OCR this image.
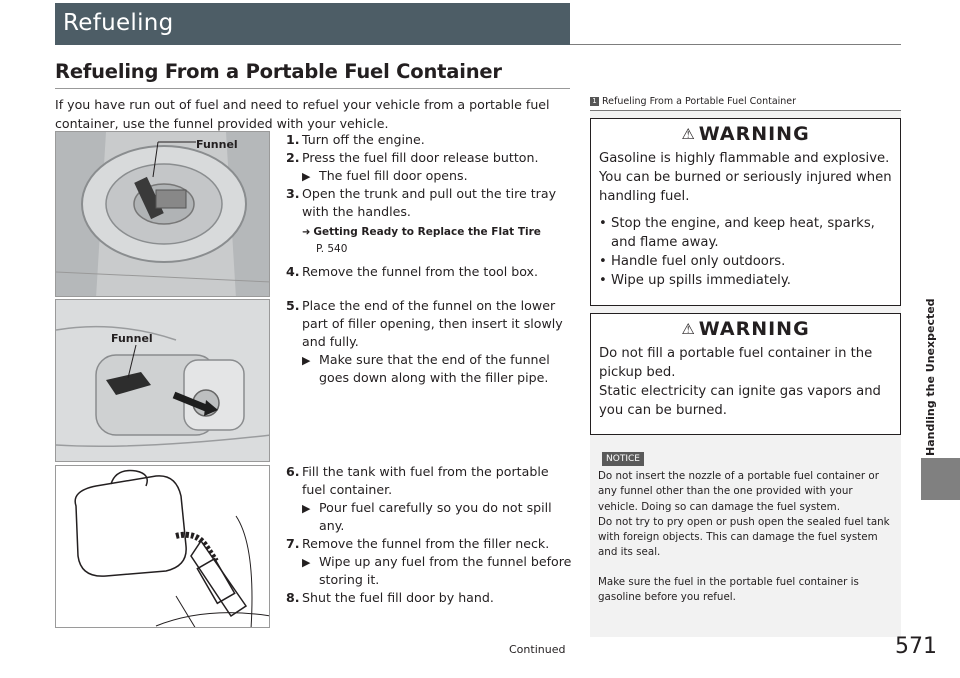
Refueling
Refueling From a Portable Fuel Container

If you have run out of fuel and need to refuel your vehicle from a portable fuel container, use the funnel provided with your vehicle.

Funnel
Funnel
1. Turn off the engine.
2. Press the fuel fill door release button.
▶ The fuel fill door opens.
3. Open the trunk and pull out the tire tray with the handles.
➜ Getting Ready to Replace the Flat Tire
P. 540
4. Remove the funnel from the tool box.
5. Place the end of the funnel on the lower part of filler opening, then insert it slowly and fully.
▶ Make sure that the end of the funnel goes down along with the filler pipe.
6. Fill the tank with fuel from the portable fuel container.
▶ Pour fuel carefully so you do not spill any.
7. Remove the funnel from the filler neck.
▶ Wipe up any fuel from the funnel before storing it.
8. Shut the fuel fill door by hand.
1 Refueling From a Portable Fuel Container
⚠ WARNING

Gasoline is highly flammable and explosive. You can be burned or seriously injured when handling fuel.

• Stop the engine, and keep heat, sparks, and flame away.
• Handle fuel only outdoors.
• Wipe up spills immediately.
⚠ WARNING
Do not fill a portable fuel container in the pickup bed.
Static electricity can ignite gas vapors and you can be burned.
NOTICE

Do not insert the nozzle of a portable fuel container or any funnel other than the one provided with your vehicle. Doing so can damage the fuel system.

Do not try to pry open or push open the sealed fuel tank with foreign objects. This can damage the fuel system and its seal.

Make sure the fuel in the portable fuel container is gasoline before you refuel.

Handling the Unexpected
Continued	571
